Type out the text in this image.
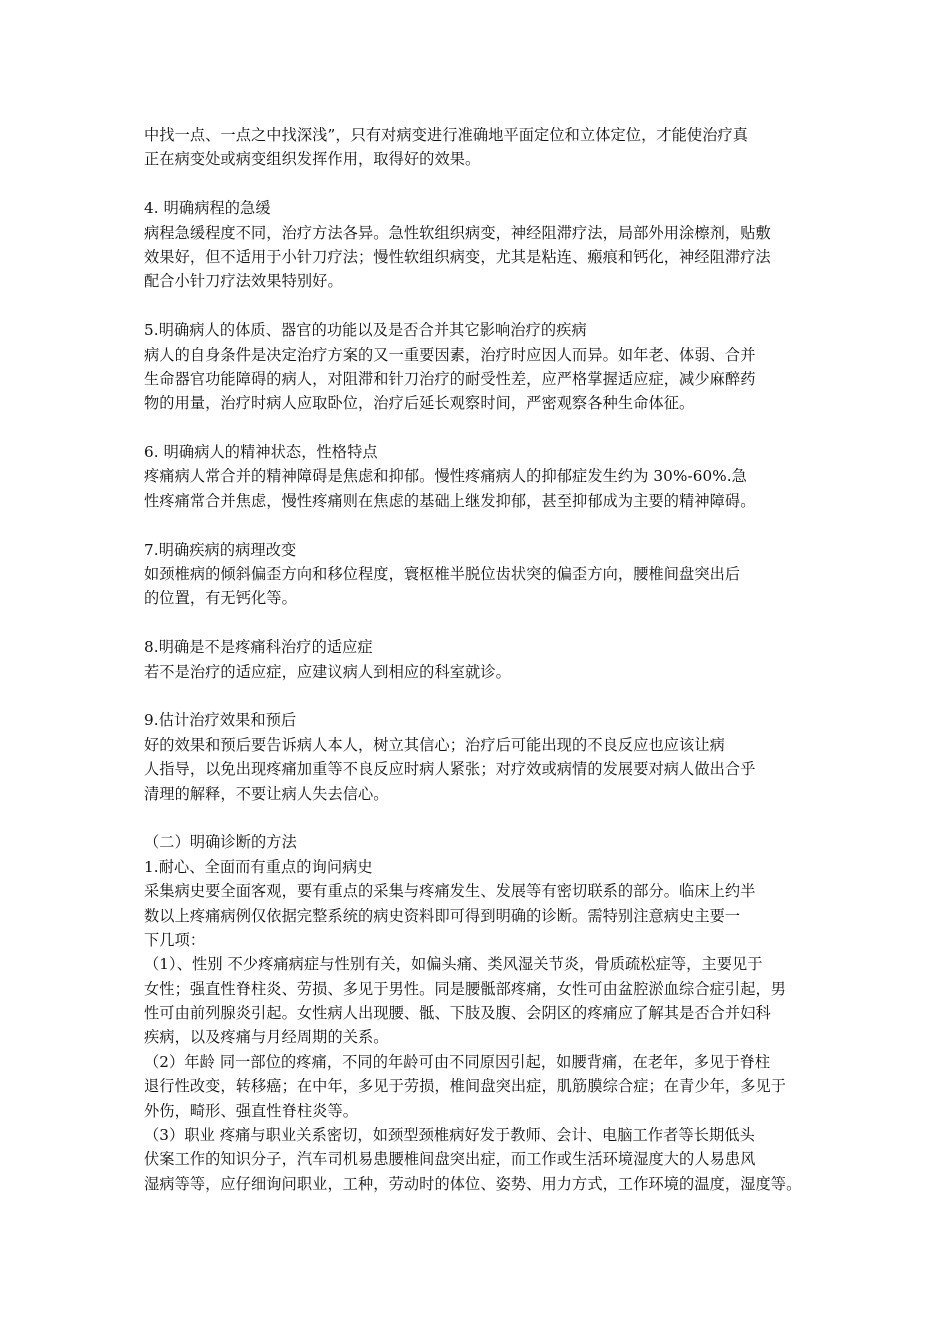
中找一点、一点之中找深浅”，只有对病变进行准确地平面定位和立体定位，才能使治疗真
正在病变处或病变组织发挥作用，取得好的效果。
4. 明确病程的急缓
病程急缓程度不同，治疗方法各异。急性软组织病变，神经阻滞疗法，局部外用涂檫剂，贴敷
效果好，但不适用于小针刀疗法；慢性软组织病变，尤其是粘连、瘢痕和钙化，神经阻滞疗法
配合小针刀疗法效果特别好。
5.明确病人的体质、器官的功能以及是否合并其它影响治疗的疾病
病人的自身条件是决定治疗方案的又一重要因素，治疗时应因人而异。如年老、体弱、合并
生命器官功能障碍的病人，对阻滞和针刀治疗的耐受性差，应严格掌握适应症，减少麻醉药
物的用量，治疗时病人应取卧位，治疗后延长观察时间，严密观察各种生命体征。
6. 明确病人的精神状态，性格特点
疼痛病人常合并的精神障碍是焦虑和抑郁。慢性疼痛病人的抑郁症发生约为 30%-60%.急
性疼痛常合并焦虑，慢性疼痛则在焦虑的基础上继发抑郁，甚至抑郁成为主要的精神障碍。
7.明确疾病的病理改变
如颈椎病的倾斜偏歪方向和移位程度，寰枢椎半脱位齿状突的偏歪方向，腰椎间盘突出后
的位置，有无钙化等。
8.明确是不是疼痛科治疗的适应症
若不是治疗的适应症，应建议病人到相应的科室就诊。
9.估计治疗效果和预后
好的效果和预后要告诉病人本人，树立其信心；治疗后可能出现的不良反应也应该让病
人指导，以免出现疼痛加重等不良反应时病人紧张；对疗效或病情的发展要对病人做出合乎
清理的解释，不要让病人失去信心。
（二）明确诊断的方法
1.耐心、全面而有重点的询问病史
采集病史要全面客观，要有重点的采集与疼痛发生、发展等有密切联系的部分。临床上约半
数以上疼痛病例仅依据完整系统的病史资料即可得到明确的诊断。需特别注意病史主要一
下几项：
（1）、性别 不少疼痛病症与性别有关，如偏头痛、类风湿关节炎，骨质疏松症等，主要见于
女性；强直性脊柱炎、劳损、多见于男性。同是腰骶部疼痛，女性可由盆腔淤血综合症引起，男
性可由前列腺炎引起。女性病人出现腰、骶、下肢及腹、会阴区的疼痛应了解其是否合并妇科
疾病，以及疼痛与月经周期的关系。
（2）年龄 同一部位的疼痛，不同的年龄可由不同原因引起，如腰背痛，在老年，多见于脊柱
退行性改变，转移癌；在中年，多见于劳损，椎间盘突出症，肌筋膜综合症；在青少年，多见于
外伤，畸形、强直性脊柱炎等。
（3）职业 疼痛与职业关系密切，如颈型颈椎病好发于教师、会计、电脑工作者等长期低头
伏案工作的知识分子，汽车司机易患腰椎间盘突出症，而工作或生活环境湿度大的人易患风
湿病等等，应仔细询问职业，工种，劳动时的体位、姿势、用力方式，工作环境的温度，湿度等。
